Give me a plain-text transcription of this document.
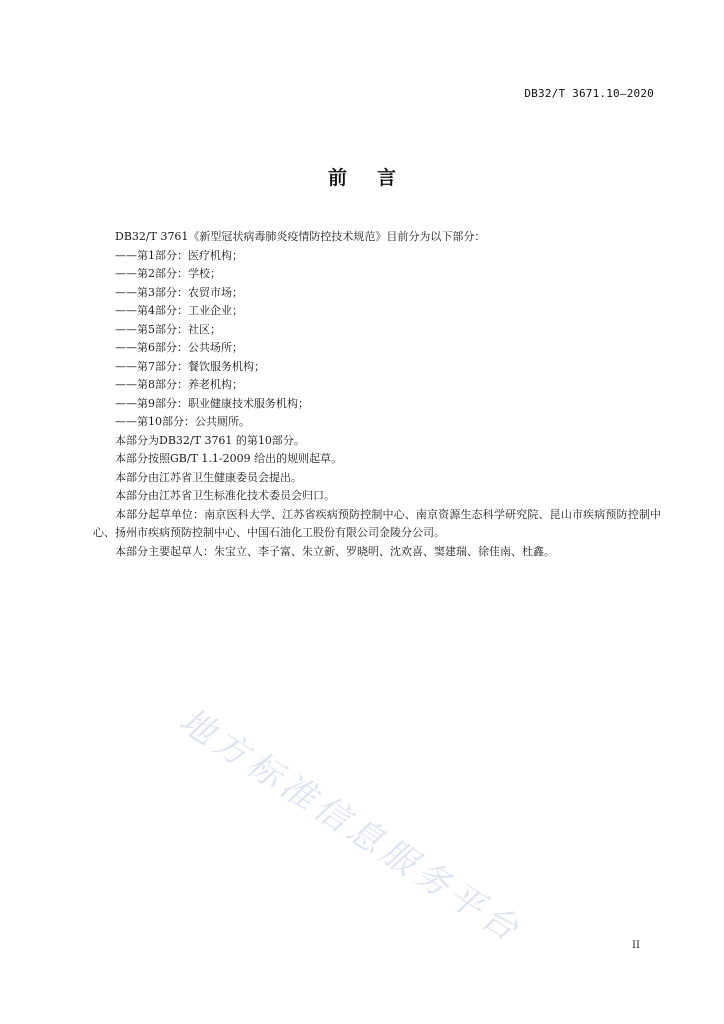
DB32/T 3671.10—2020
前言

DB32/T 3761《新型冠状病毒肺炎疫情防控技术规范》目前分为以下部分：

——第1部分：医疗机构；

——第2部分：学校；

——第3部分：农贸市场；

——第4部分：工业企业；

——第5部分：社区；

——第6部分：公共场所；

——第7部分：餐饮服务机构；

——第8部分：养老机构；

——第9部分：职业健康技术服务机构；

——第10部分：公共厕所。

本部分为DB32/T 3761 的第10部分。

本部分按照GB/T 1.1-2009 给出的规则起草。

本部分由江苏省卫生健康委员会提出。

本部分由江苏省卫生标准化技术委员会归口。

本部分起草单位：南京医科大学、江苏省疾病预防控制中心、南京资源生态科学研究院、昆山市疾病预防控制中心、扬州市疾病预防控制中心、中国石油化工股份有限公司金陵分公司。

本部分主要起草人：朱宝立、李子富、朱立新、罗晓明、沈欢喜、窦建瑞、徐佳南、杜鑫。

地方标准信息服务平台	II
